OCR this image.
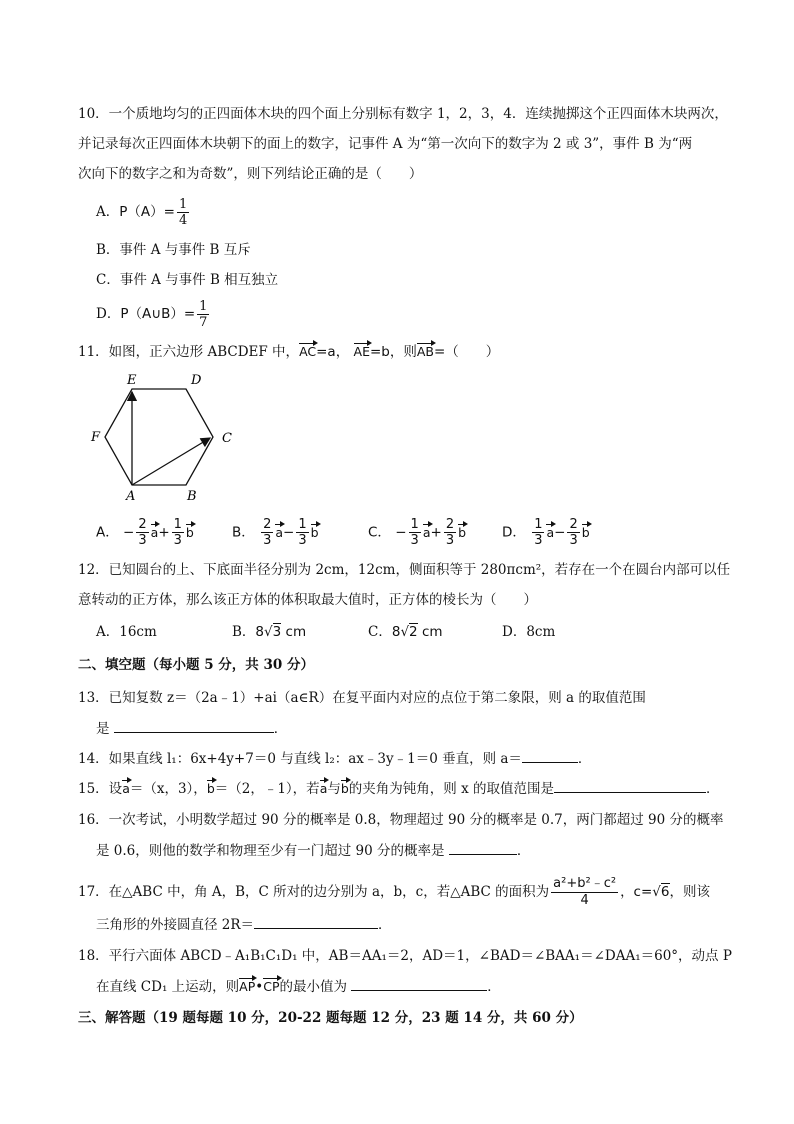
10．一个质地均匀的正四面体木块的四个面上分别标有数字 1，2，3，4．连续抛掷这个正四面体木块两次，
并记录每次正四面体木块朝下的面上的数字，记事件 A 为“第一次向下的数字为 2 或 3”，事件 B 为“两
次向下的数字之和为奇数”，则下列结论正确的是（　　）
A．$P(A)= \frac{1}{4}$
B．事件 A 与事件 B 互斥
C．事件 A 与事件 B 相互独立
D．P（A∪B）= $\frac{1}{7}$
11．如图，正六边形 ABCDEF 中，AC=a， AE=b，则AB=（　　）
E	D
F	C
A	B
A． − $\frac{2}{3} a+ \frac{1}{3}$ b	B． $\frac{2}{3} a- \frac{1}{3}$ b	C． − $\frac{1}{3} a+ \frac{2}{3}$ b	D． $\frac{1}{3} a- \frac{2}{3}$ b
12．已知圆台的上、下底面半径分别为 2cm，12cm，侧面积等于 280πcm²，若存在一个在圆台内部可以任
意转动的正方体，那么该正方体的体积取最大值时，正方体的棱长为（　　）
A．16cm	B．8√3 cm	C．8√2 cm	D．8cm
二、填空题（每小题 5 分，共 30 分）
13．已知复数 z＝（2a﹣1）+ai（a∈R）在复平面内对应的点位于第二象限，则 a 的取值范围
是	．
14．如果直线 l₁：6x+4y+7＝0 与直线 l₂：ax﹣3y﹣1＝0 垂直，则 a＝	．
15．设a＝（x，3），b＝（2，﹣1），若a与b的夹角为钝角，则 x 的取值范围是	．
16．一次考试，小明数学超过 90 分的概率是 0.8，物理超过 90 分的概率是 0.7，两门都超过 90 分的概率
是 0.6，则他的数学和物理至少有一门超过 90 分的概率是	．
17．在△ABC 中，角 A，B，C 所对的边分别为 a，b，c，若△ABC 的面积为 $\frac{\text{a²+b²﹣c²}}{4}$ ，c=√6，则该
三角形的外接圆直径 2R＝	．
18．平行六面体 ABCD﹣A₁B₁C₁D₁ 中，AB＝AA₁＝2，AD＝1，∠BAD＝∠BAA₁＝∠DAA₁＝60°，动点 P
在直线 CD₁ 上运动，则AP•CP的最小值为	．
三、解答题（19 题每题 10 分，20-22 题每题 12 分，23 题 14 分，共 60 分）
